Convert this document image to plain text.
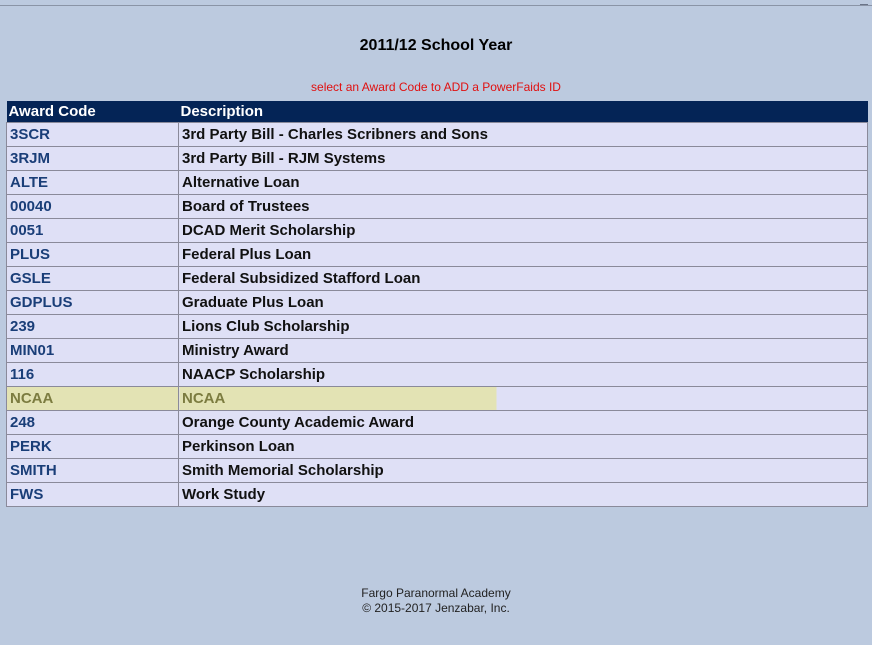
2011/12 School Year
select an Award Code to ADD a PowerFaids ID
Award Code	Description
3SCR	3rd Party Bill - Charles Scribners and Sons
3RJM	3rd Party Bill - RJM Systems
ALTE	Alternative Loan
00040	Board of Trustees
0051	DCAD Merit Scholarship
PLUS	Federal Plus Loan
GSLE	Federal Subsidized Stafford Loan
GDPLUS	Graduate Plus Loan
239	Lions Club Scholarship
MIN01	Ministry Award
116	NAACP Scholarship
NCAA	NCAA
248	Orange County Academic Award
PERK	Perkinson Loan
SMITH	Smith Memorial Scholarship
FWS	Work Study
Fargo Paranormal Academy
© 2015-2017 Jenzabar, Inc.
